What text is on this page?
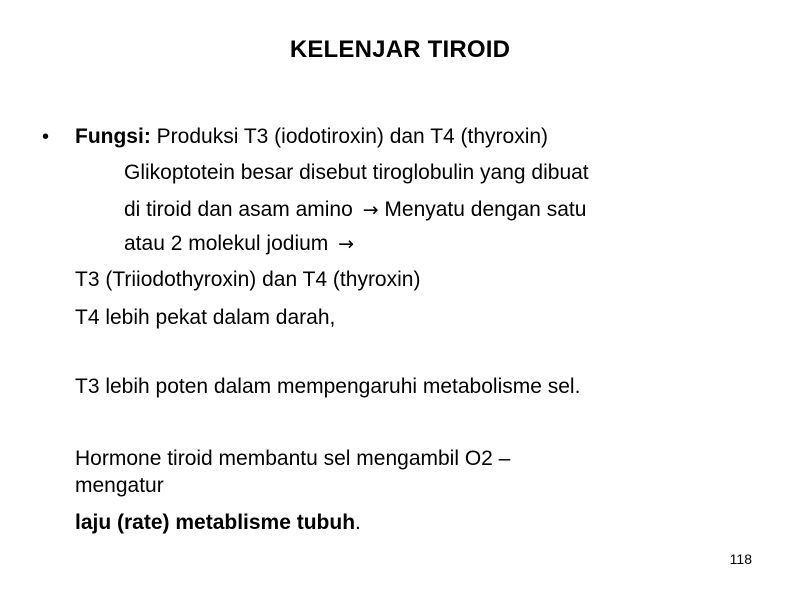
KELENJAR TIROID
• Fungsi: Produksi T3 (iodotiroxin) dan T4 (thyroxin)
Glikoptotein besar disebut tiroglobulin yang dibuat
di tiroid dan asam amino → Menyatu dengan satu
atau 2 molekul jodium →
T3 (Triiodothyroxin) dan T4 (thyroxin)
T4 lebih pekat dalam darah,
T3 lebih poten dalam mempengaruhi metabolisme sel.
Hormone tiroid membantu sel mengambil O2 –
mengatur
laju (rate) metablisme tubuh.
118
